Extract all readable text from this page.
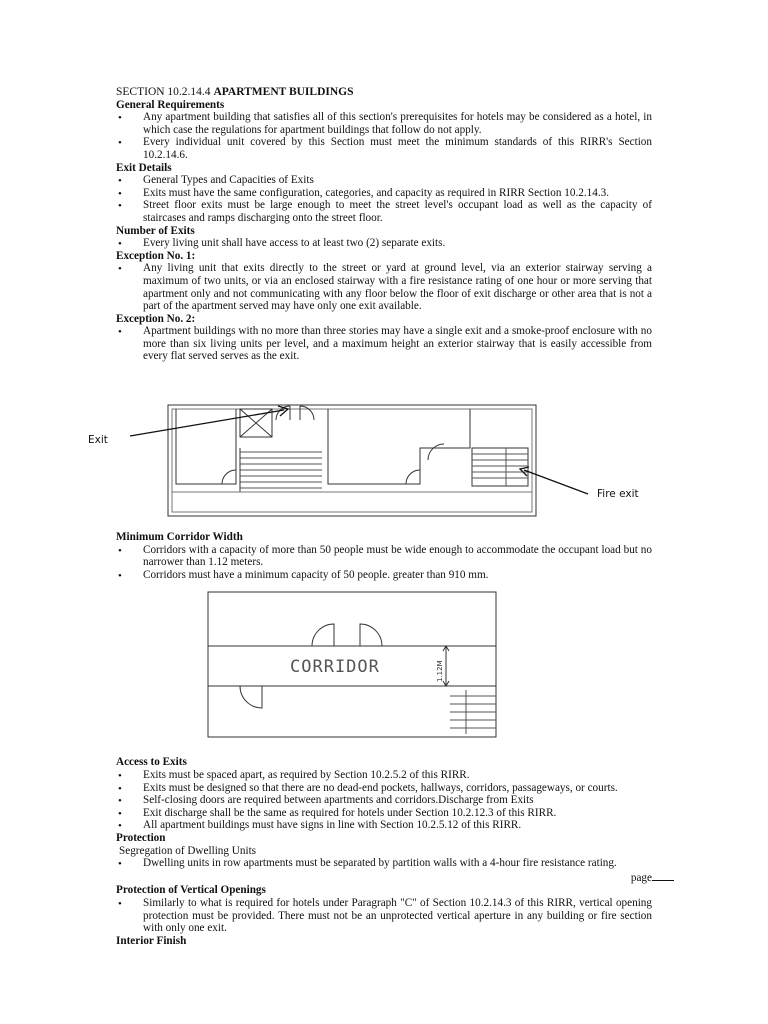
Exit
Fire exit
CORRIDOR	1.12M

SECTION 10.2.14.4 APARTMENT BUILDINGS

General Requirements

• Any apartment building that satisfies all of this section's prerequisites for hotels may be considered as a hotel, in which case the regulations for apartment buildings that follow do not apply.
• Every individual unit covered by this Section must meet the minimum standards of this RIRR's Section 10.2.14.6.

Exit Details

• General Types and Capacities of Exits
• Exits must have the same configuration, categories, and capacity as required in RIRR Section 10.2.14.3.
• Street floor exits must be large enough to meet the street level's occupant load as well as the capacity of staircases and ramps discharging onto the street floor.

Number of Exits

• Every living unit shall have access to at least two (2) separate exits.

Exception No. 1:

• Any living unit that exits directly to the street or yard at ground level, via an exterior stairway serving a maximum of two units, or via an enclosed stairway with a fire resistance rating of one hour or more serving that apartment only and not communicating with any floor below the floor of exit discharge or other area that is not a part of the apartment served may have only one exit available.

Exception No. 2:

• Apartment buildings with no more than three stories may have a single exit and a smoke-proof enclosure with no more than six living units per level, and a maximum height an exterior stairway that is easily accessible from every flat served serves as the exit.

Minimum Corridor Width

• Corridors with a capacity of more than 50 people must be wide enough to accommodate the occupant load but no narrower than 1.12 meters.
• Corridors must have a minimum capacity of 50 people. greater than 910 mm.

Access to Exits

• Exits must be spaced apart, as required by Section 10.2.5.2 of this RIRR.
• Exits must be designed so that there are no dead-end pockets, hallways, corridors, passageways, or courts.
• Self-closing doors are required between apartments and corridors.Discharge from Exits
• Exit discharge shall be the same as required for hotels under Section 10.2.12.3 of this RIRR.
• All apartment buildings must have signs in line with Section 10.2.5.12 of this RIRR.

Protection

Segregation of Dwelling Units

• Dwelling units in row apartments must be separated by partition walls with a 4-hour fire resistance rating.
page

Protection of Vertical Openings

• Similarly to what is required for hotels under Paragraph "C" of Section 10.2.14.3 of this RIRR, vertical opening protection must be provided. There must not be an unprotected vertical aperture in any building or fire section with only one exit.

Interior Finish
